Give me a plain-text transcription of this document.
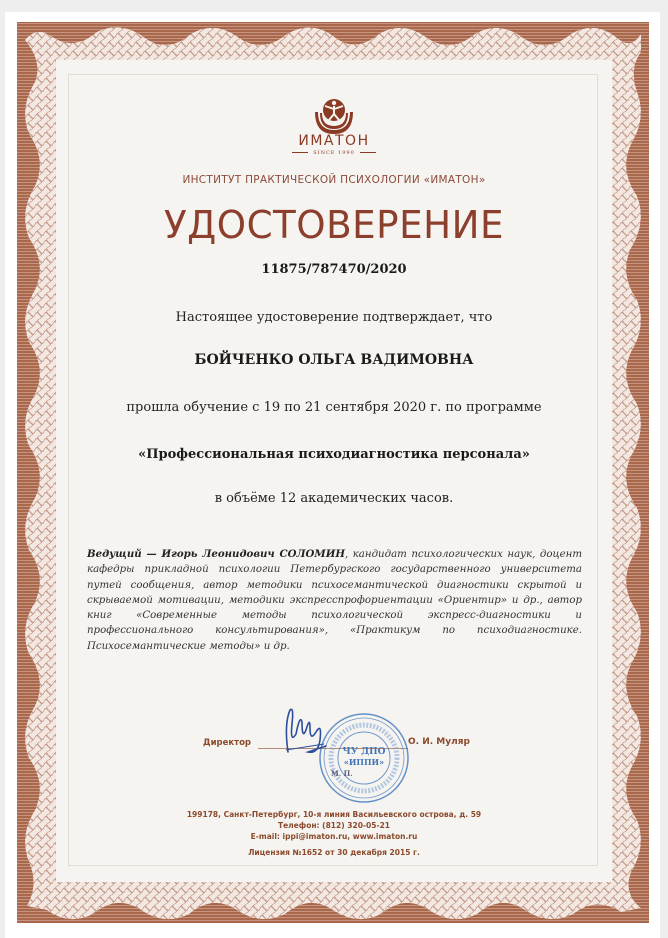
ИМАТОН
SINCE 1990
ИНСТИТУТ ПРАКТИЧЕСКОЙ ПСИХОЛОГИИ «ИМАТОН»
УДОСТОВЕРЕНИЕ
11875/787470/2020
Настоящее удостоверение подтверждает, что
БОЙЧЕНКО ОЛЬГА ВАДИМОВНА
прошла обучение с 19 по 21 сентября 2020 г. по программе
«Профессиональная психодиагностика персонала»
в объёме 12 академических часов.
Ведущий — Игорь Леонидович СОЛОМИН, кандидат психологических наук, доцент кафедры прикладной психологии Петербургского государственного университета путей сообщения, автор методики психосемантической диагностики скрытой и скрываемой мотивации, методики экспресспрофориентации «Ориентир» и др., автор книг «Современные методы психологической экспресс-диагностики и профессионального консультирования», «Практикум по психодиагностике. Психосемантические методы» и др.
Директор	О. И. Муляр
ЧУ ДПО
«ИППИ»
М. П.
199178, Санкт-Петербург, 10-я линия Васильевского острова, д. 59
Телефон: (812) 320-05-21
E-mail: ippi@imaton.ru, www.imaton.ru
Лицензия №1652 от 30 декабря 2015 г.
